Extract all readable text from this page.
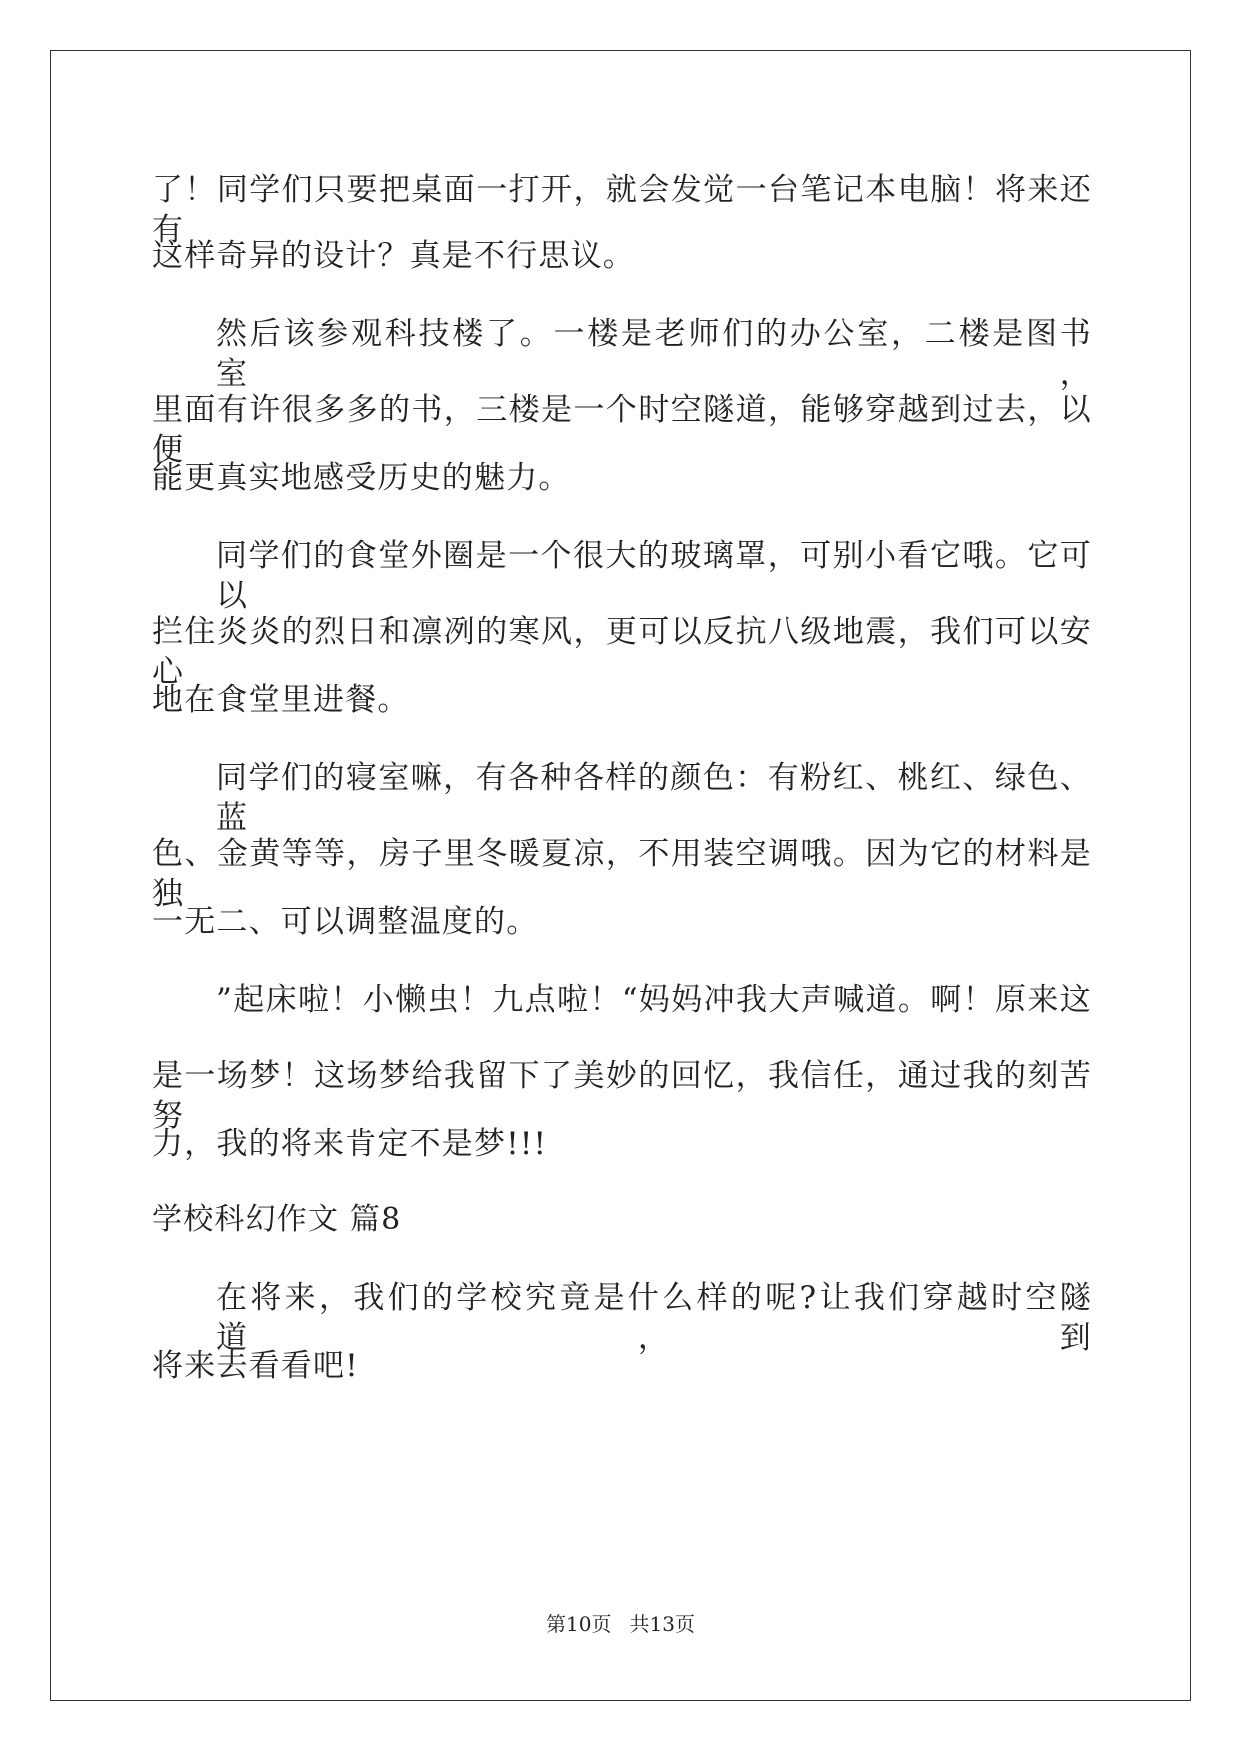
了！同学们只要把桌面一打开，就会发觉一台笔记本电脑！将来还有
这样奇异的设计？真是不行思议。
然后该参观科技楼了。一楼是老师们的办公室，二楼是图书室，
里面有许很多多的书，三楼是一个时空隧道，能够穿越到过去，以便
能更真实地感受历史的魅力。
同学们的食堂外圈是一个很大的玻璃罩，可别小看它哦。它可以
拦住炎炎的烈日和凛冽的寒风，更可以反抗八级地震，我们可以安心
地在食堂里进餐。
同学们的寝室嘛，有各种各样的颜色：有粉红、桃红、绿色、蓝
色、金黄等等，房子里冬暖夏凉，不用装空调哦。因为它的材料是独
一无二、可以调整温度的。
”起床啦！小懒虫！九点啦！“妈妈冲我大声喊道。啊！原来这
是一场梦！这场梦给我留下了美妙的回忆，我信任，通过我的刻苦努
力，我的将来肯定不是梦!!!
学校科幻作文 篇8
在将来，我们的学校究竟是什么样的呢?让我们穿越时空隧道，到
将来去看看吧!
第10页 共13页
